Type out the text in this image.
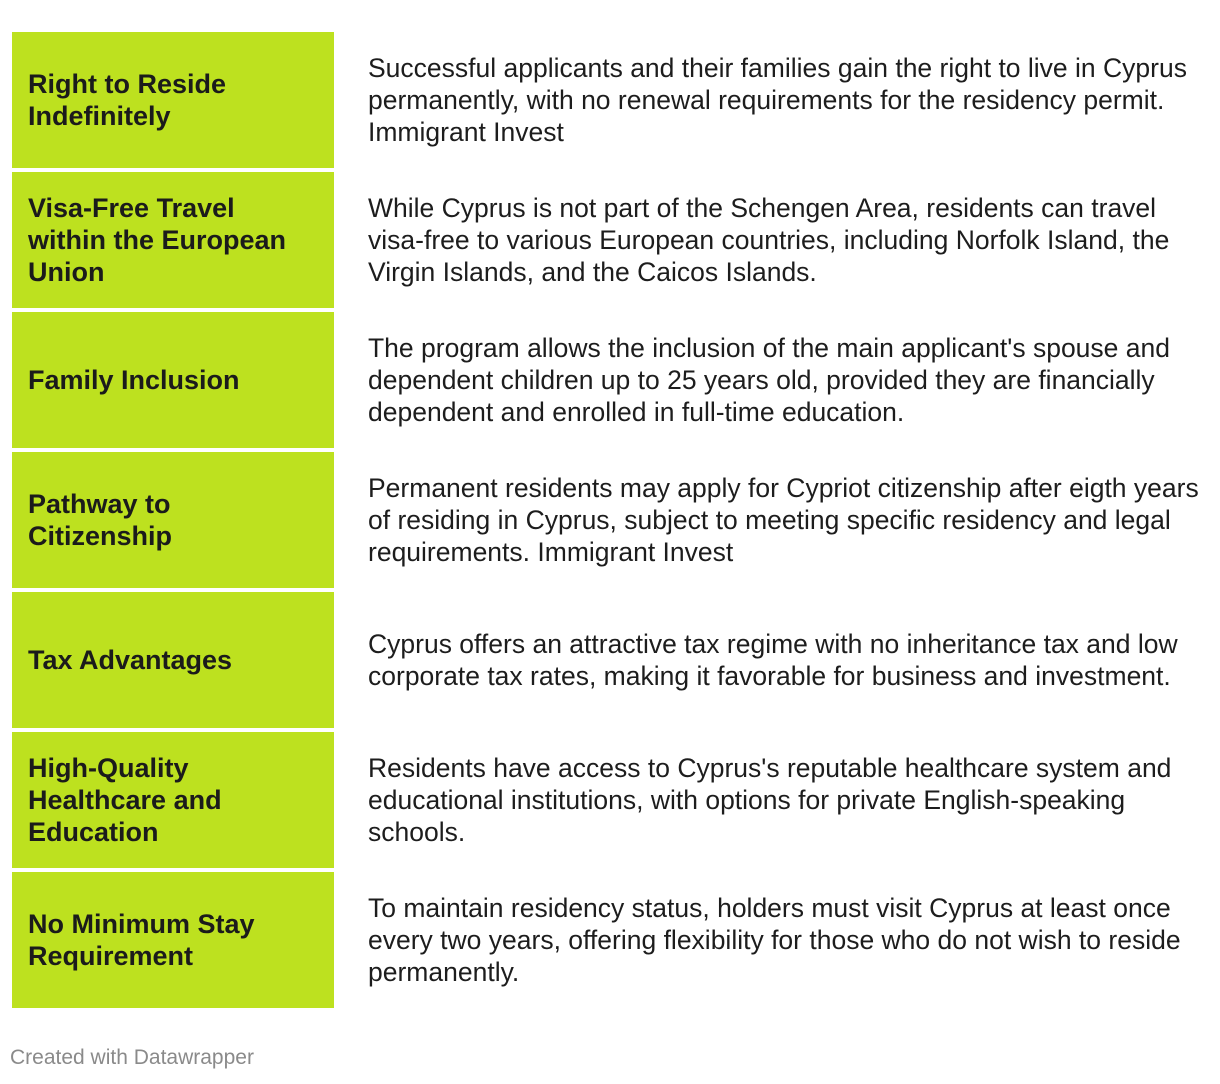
Right to Reside Indefinitely
Successful applicants and their families gain the right to live in Cyprus permanently, with no renewal requirements for the residency permit. Immigrant Invest
Visa-Free Travel within the European Union
While Cyprus is not part of the Schengen Area, residents can travel visa-free to various European countries, including Norfolk Island, the Virgin Islands, and the Caicos Islands.
Family Inclusion
The program allows the inclusion of the main applicant's spouse and dependent children up to 25 years old, provided they are financially dependent and enrolled in full-time education.
Pathway to Citizenship
Permanent residents may apply for Cypriot citizenship after eigth years of residing in Cyprus, subject to meeting specific residency and legal requirements. Immigrant Invest
Tax Advantages
Cyprus offers an attractive tax regime with no inheritance tax and low corporate tax rates, making it favorable for business and investment.
High-Quality Healthcare and Education
Residents have access to Cyprus's reputable healthcare system and educational institutions, with options for private English-speaking schools.
No Minimum Stay Requirement
To maintain residency status, holders must visit Cyprus at least once every two years, offering flexibility for those who do not wish to reside permanently.
Created with Datawrapper
